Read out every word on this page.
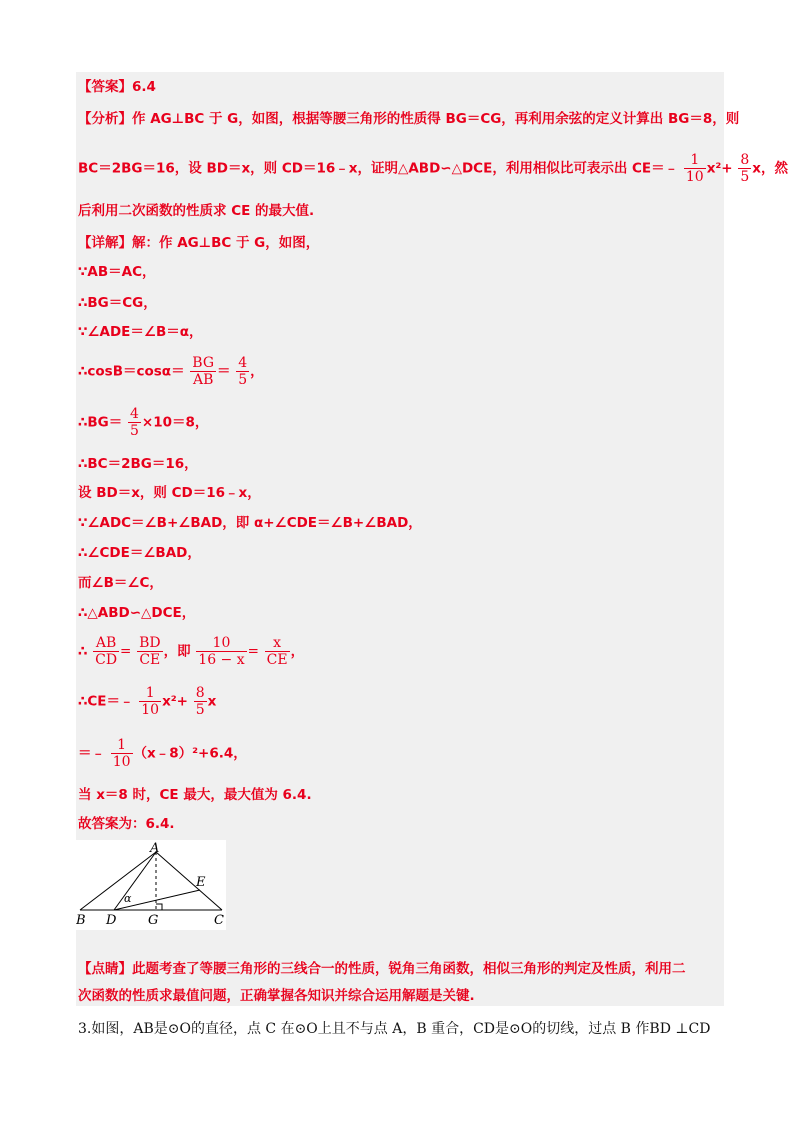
【答案】6.4
【分析】作 AG⊥BC 于 G，如图，根据等腰三角形的性质得 BG＝CG，再利用余弦的定义计算出 BG＝8，则
BC＝2BG＝16，设 BD＝x，则 CD＝16﹣x，证明△ABD∽△DCE，利用相似比可表示出 CE＝﹣ $\frac{1}{10} x^2+ \frac{8}{5}$ x，然
后利用二次函数的性质求 CE 的最大值.
【详解】解：作 AG⊥BC 于 G，如图，
∵AB＝AC，
∴BG＝CG，
∵∠ADE＝∠B＝α，
∴cosB＝cosα＝ $\frac{BG}{AB} = \frac{4}{5}$ ，
∴BG＝ $\frac{4}{5} \times 10=8$，
∴BC＝2BG＝16，
设 BD＝x，则 CD＝16﹣x，
∵∠ADC＝∠B+∠BAD，即 α+∠CDE＝∠B+∠BAD，
∴∠CDE＝∠BAD，
而∠B＝∠C，
∴△ABD∽△DCE，
∴ $\frac{AB}{CD} = \frac{BD}{CE}$ ，即 $\frac{10}{16 - x} = \frac{x}{CE}$ ，
∴CE＝﹣ $\frac{1}{10} x^2+ \frac{8}{5}$ x
＝﹣ $\frac{1}{10}$ （x﹣8）²+6.4，
当 x＝8 时，CE 最大，最大值为 6.4.
故答案为：6.4.
A
B D G	C
E
α
【点睛】此题考查了等腰三角形的三线合一的性质，锐角三角函数，相似三角形的判定及性质，利用二
次函数的性质求最值问题，正确掌握各知识并综合运用解题是关键.
3.如图，AB是⊙O的直径，点 C 在⊙O上且不与点 A，B 重合，CD是⊙O的切线，过点 B 作BD ⊥CD
